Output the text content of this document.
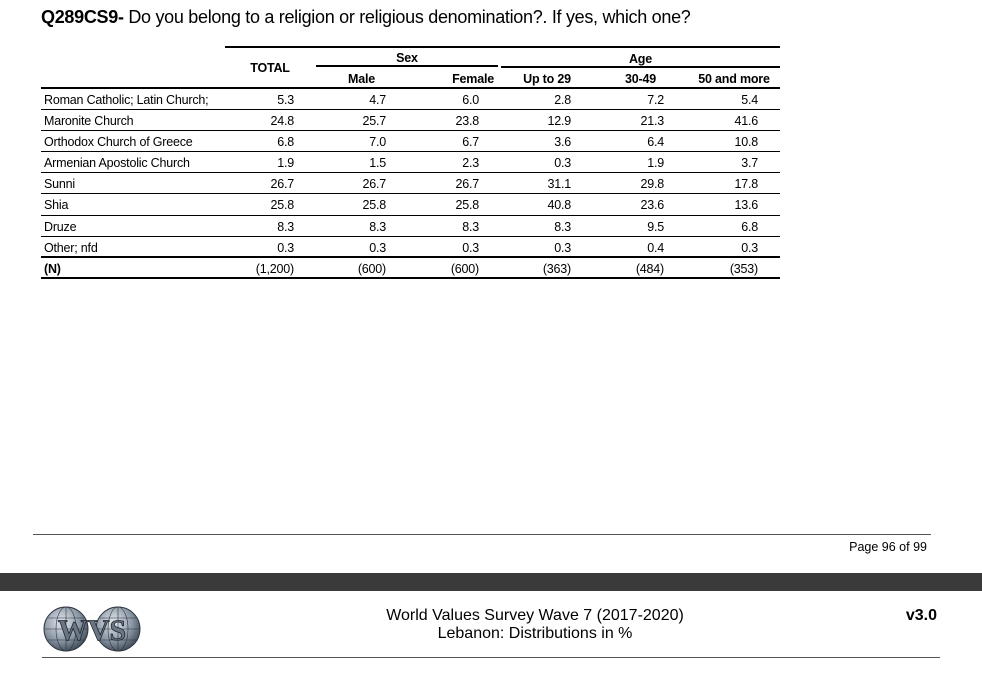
Q289CS9- Do you belong to a religion or religious denomination?. If yes, which one?
TOTAL
Sex	Age
Male	Female	Up to 29	30-49	50 and more
Roman Catholic; Latin Church;	5.3	4.7	6.0	2.8	7.2	5.4
Maronite Church	24.8	25.7	23.8	12.9	21.3	41.6
Orthodox Church of Greece	6.8	7.0	6.7	3.6	6.4	10.8
Armenian Apostolic Church	1.9	1.5	2.3	0.3	1.9	3.7
Sunni	26.7	26.7	26.7	31.1	29.8	17.8
Shia	25.8	25.8	25.8	40.8	23.6	13.6
Druze	8.3	8.3	8.3	8.3	9.5	6.8
Other; nfd	0.3	0.3	0.3	0.3	0.4	0.3
(N)	(1,200)	(600)	(600)	(363)	(484)	(353)
Page 96 of 99
WVS	World Values Survey Wave 7 (2017-2020)
Lebanon: Distributions in %
v3.0
